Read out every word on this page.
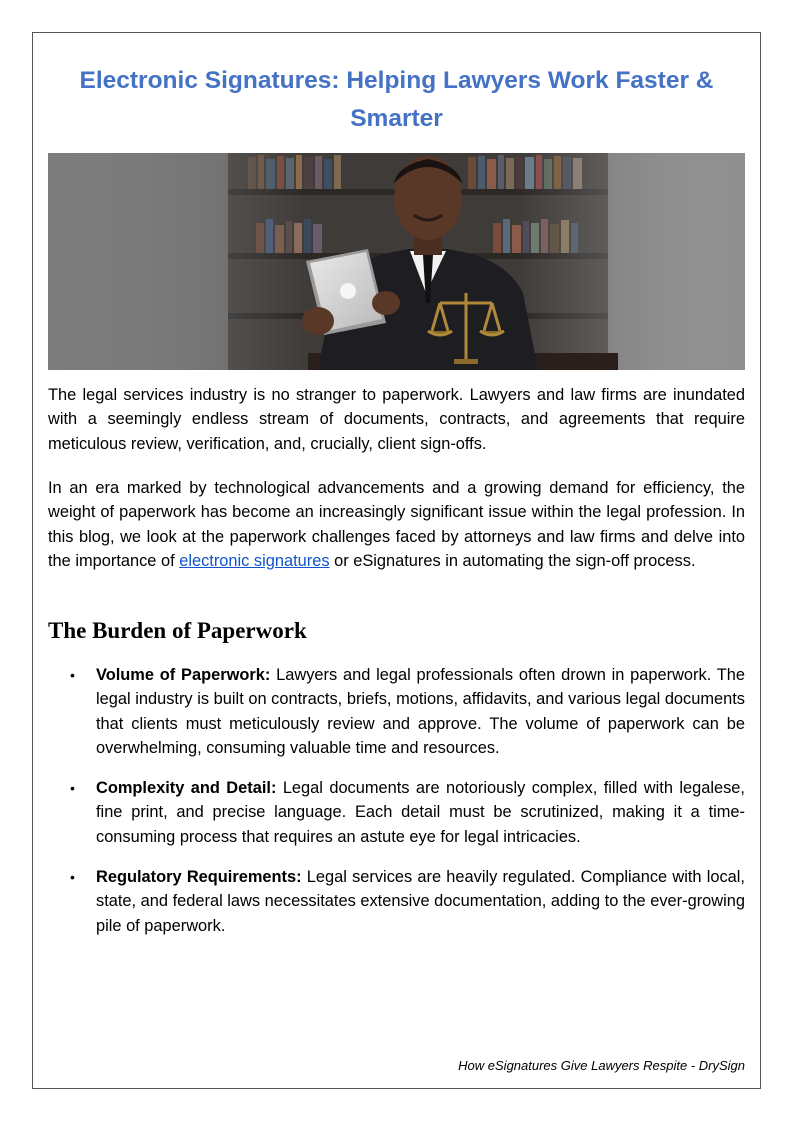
Electronic Signatures: Helping Lawyers Work Faster & Smarter

The legal services industry is no stranger to paperwork. Lawyers and law firms are inundated with a seemingly endless stream of documents, contracts, and agreements that require meticulous review, verification, and, crucially, client sign-offs.

In an era marked by technological advancements and a growing demand for efficiency, the weight of paperwork has become an increasingly significant issue within the legal profession. In this blog, we look at the paperwork challenges faced by attorneys and law firms and delve into the importance of electronic signatures or eSignatures in automating the sign-off process.

The Burden of Paperwork
• Volume of Paperwork: Lawyers and legal professionals often drown in paperwork. The legal industry is built on contracts, briefs, motions, affidavits, and various legal documents that clients must meticulously review and approve. The volume of paperwork can be overwhelming, consuming valuable time and resources.
• Complexity and Detail: Legal documents are notoriously complex, filled with legalese, fine print, and precise language. Each detail must be scrutinized, making it a time-consuming process that requires an astute eye for legal intricacies.
• Regulatory Requirements: Legal services are heavily regulated. Compliance with local, state, and federal laws necessitates extensive documentation, adding to the ever-growing pile of paperwork.

How eSignatures Give Lawyers Respite - DrySign
